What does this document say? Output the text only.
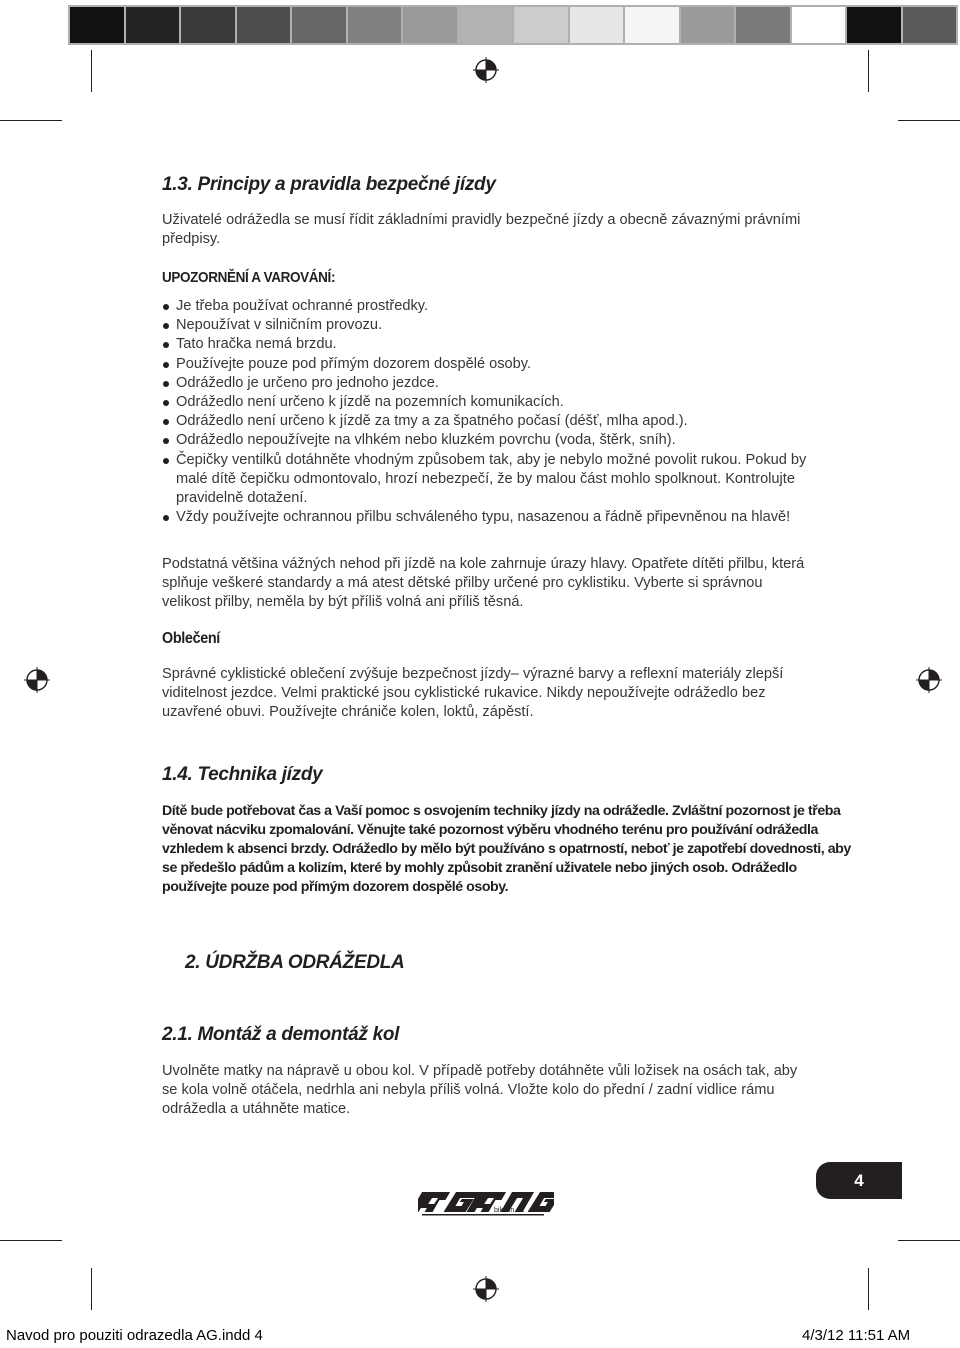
1.3. Principy a pravidla bezpečné jízdy
Uživatelé odrážedla se musí řídit základními pravidly bezpečné jízdy a obecně závaznými právními předpisy.
UPOZORNĚNÍ A VAROVÁNÍ:
Je třeba používat ochranné prostředky.
Nepoužívat v silničním provozu.
Tato hračka nemá brzdu.
Používejte pouze pod přímým dozorem dospělé osoby.
Odrážedlo je určeno pro jednoho jezdce.
Odrážedlo není určeno k jízdě na pozemních komunikacích.
Odrážedlo není určeno k jízdě za tmy a za špatného počasí (déšť, mlha apod.).
Odrážedlo nepoužívejte na vlhkém nebo kluzkém povrchu (voda, štěrk, sníh).
Čepičky ventilků dotáhněte vhodným způsobem tak, aby je nebylo možné povolit rukou. Pokud by malé dítě čepičku odmontovalo, hrozí nebezpečí, že by malou část mohlo spolknout. Kontrolujte pravidelně dotažení.
Vždy používejte ochrannou přilbu schváleného typu, nasazenou a řádně připevněnou na hlavě!
Podstatná většina vážných nehod při jízdě na kole zahrnuje úrazy hlavy. Opatřete dítěti přilbu, která splňuje veškeré standardy a má atest dětské přilby určené pro cyklistiku. Vyberte si správnou velikost přilby, neměla by být příliš volná ani příliš těsná.
Oblečení
Správné cyklistické oblečení zvýšuje bezpečnost jízdy– výrazné barvy a reflexní materiály zlepší viditelnost jezdce. Velmi praktické jsou cyklistické rukavice. Nikdy nepoužívejte odrážedlo bez uzavřené obuvi. Používejte chrániče kolen, loktů, zápěstí.
1.4. Technika jízdy
Dítě bude potřebovat čas a Vaší pomoc s osvojením techniky jízdy na odrážedle. Zvláštní pozornost je třeba věnovat nácviku zpomalování. Věnujte také pozornost výběru vhodného terénu pro používání odrážedla vzhledem k absenci brzdy. Odrážedlo by mělo být používáno s opatrností, neboť je zapotřebí dovednosti, aby se předešlo pádům a kolizím, které by mohly způsobit zranění uživatele nebo jiných osob. Odrážedlo používejte pouze pod přímým dozorem dospělé osoby.
2. ÚDRŽBA ODRÁŽEDLA
2.1. Montáž a demontáž kol
Uvolněte matky na nápravě u obou kol. V případě potřeby dotáhněte vůli ložisek na osách tak, aby se kola volně otáčela, nedrhla ani nebyla příliš volná. Vložte kolo do přední / zadní vidlice rámu odrážedla a utáhněte matice.
4
bike in art
Navod pro pouziti odrazedla AG.indd 4	4/3/12 11:51 AM
